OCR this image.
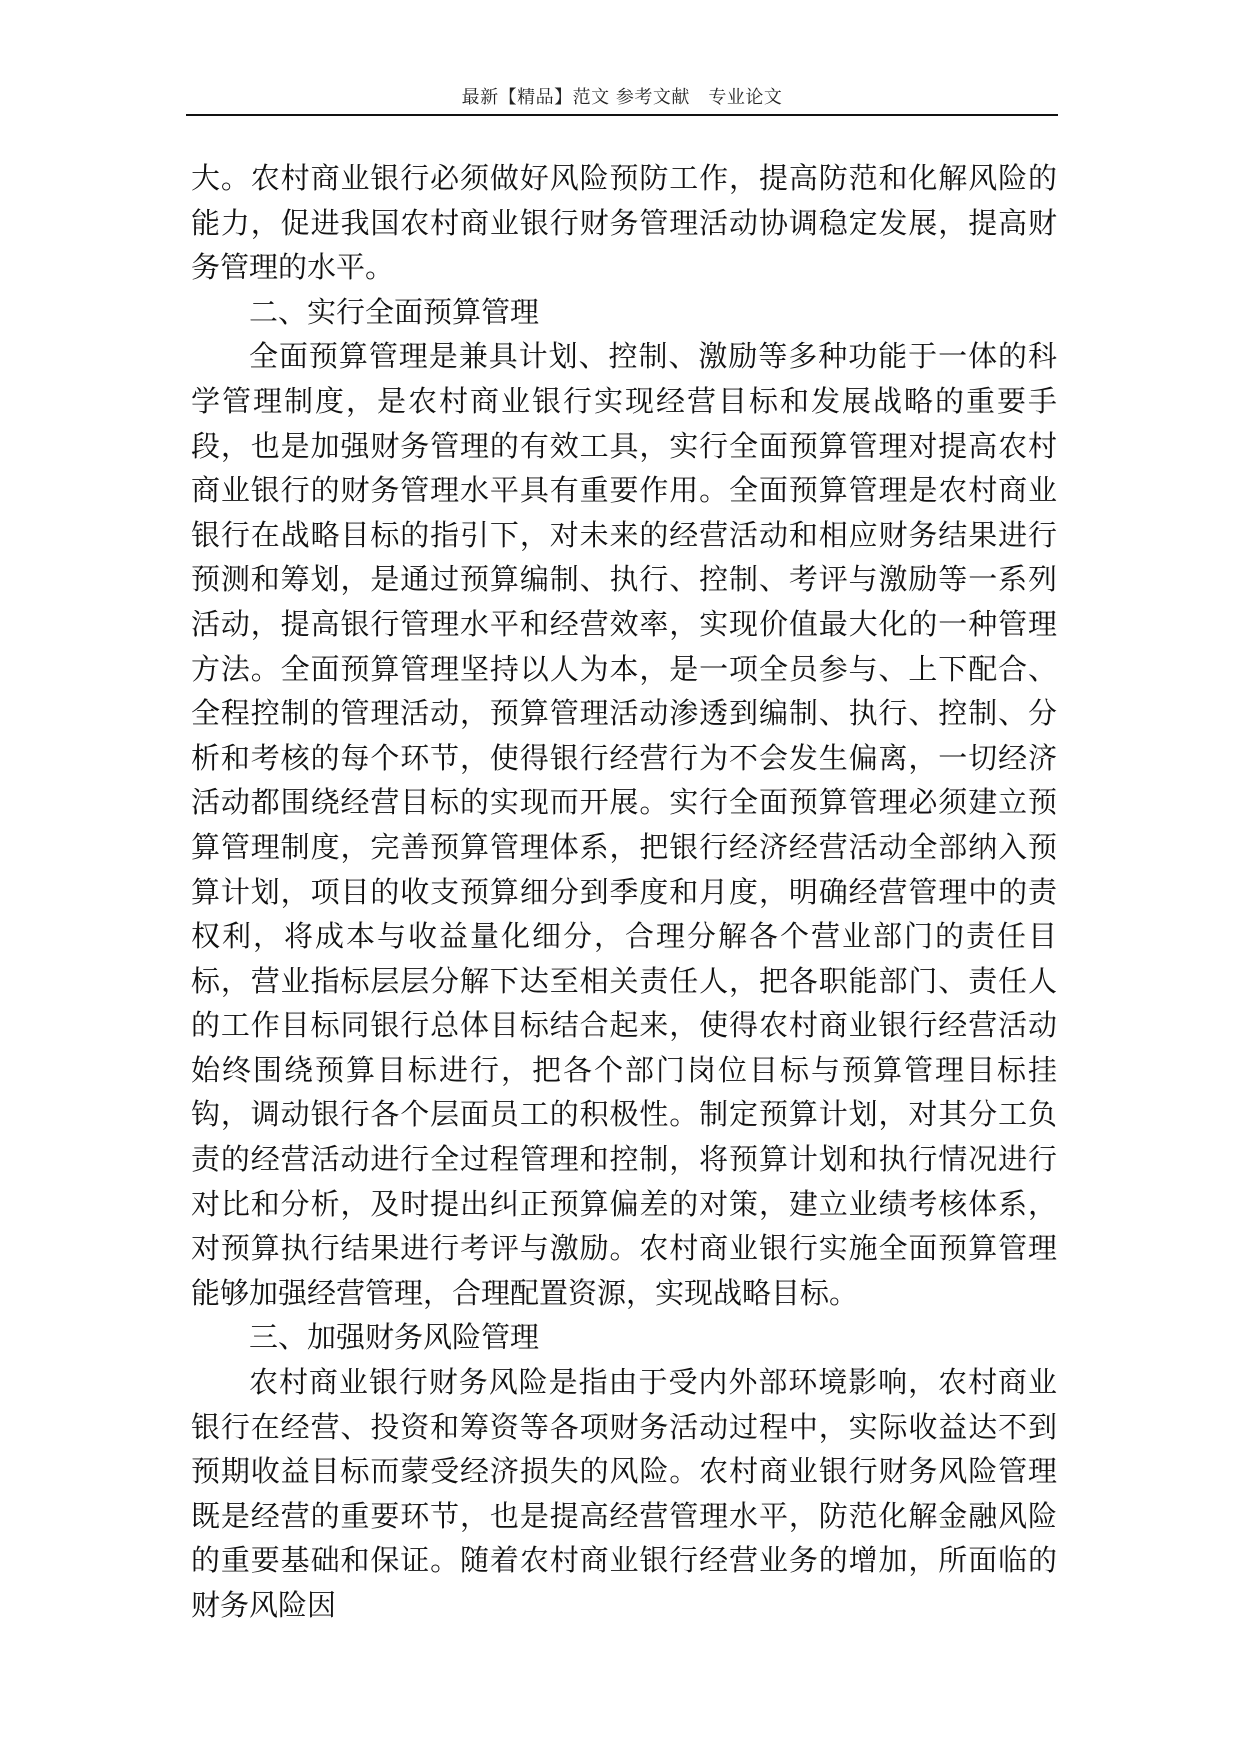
最新【精品】范文 参考文献　专业论文

大。农村商业银行必须做好风险预防工作，提高防范和化解风险的能力，促进我国农村商业银行财务管理活动协调稳定发展，提高财务管理的水平。

二、实行全面预算管理

全面预算管理是兼具计划、控制、激励等多种功能于一体的科学管理制度，是农村商业银行实现经营目标和发展战略的重要手段，也是加强财务管理的有效工具，实行全面预算管理对提高农村商业银行的财务管理水平具有重要作用。全面预算管理是农村商业银行在战略目标的指引下，对未来的经营活动和相应财务结果进行预测和筹划，是通过预算编制、执行、控制、考评与激励等一系列活动，提高银行管理水平和经营效率，实现价值最大化的一种管理方法。全面预算管理坚持以人为本，是一项全员参与、上下配合、全程控制的管理活动，预算管理活动渗透到编制、执行、控制、分析和考核的每个环节，使得银行经营行为不会发生偏离，一切经济活动都围绕经营目标的实现而开展。实行全面预算管理必须建立预算管理制度，完善预算管理体系，把银行经济经营活动全部纳入预算计划，项目的收支预算细分到季度和月度，明确经营管理中的责权利，将成本与收益量化细分，合理分解各个营业部门的责任目标，营业指标层层分解下达至相关责任人，把各职能部门、责任人的工作目标同银行总体目标结合起来，使得农村商业银行经营活动始终围绕预算目标进行，把各个部门岗位目标与预算管理目标挂钩，调动银行各个层面员工的积极性。制定预算计划，对其分工负责的经营活动进行全过程管理和控制，将预算计划和执行情况进行对比和分析，及时提出纠正预算偏差的对策，建立业绩考核体系，对预算执行结果进行考评与激励。农村商业银行实施全面预算管理能够加强经营管理，合理配置资源，实现战略目标。

三、加强财务风险管理

农村商业银行财务风险是指由于受内外部环境影响，农村商业银行在经营、投资和筹资等各项财务活动过程中，实际收益达不到预期收益目标而蒙受经济损失的风险。农村商业银行财务风险管理既是经营的重要环节，也是提高经营管理水平，防范化解金融风险的重要基础和保证。随着农村商业银行经营业务的增加，所面临的财务风险因
